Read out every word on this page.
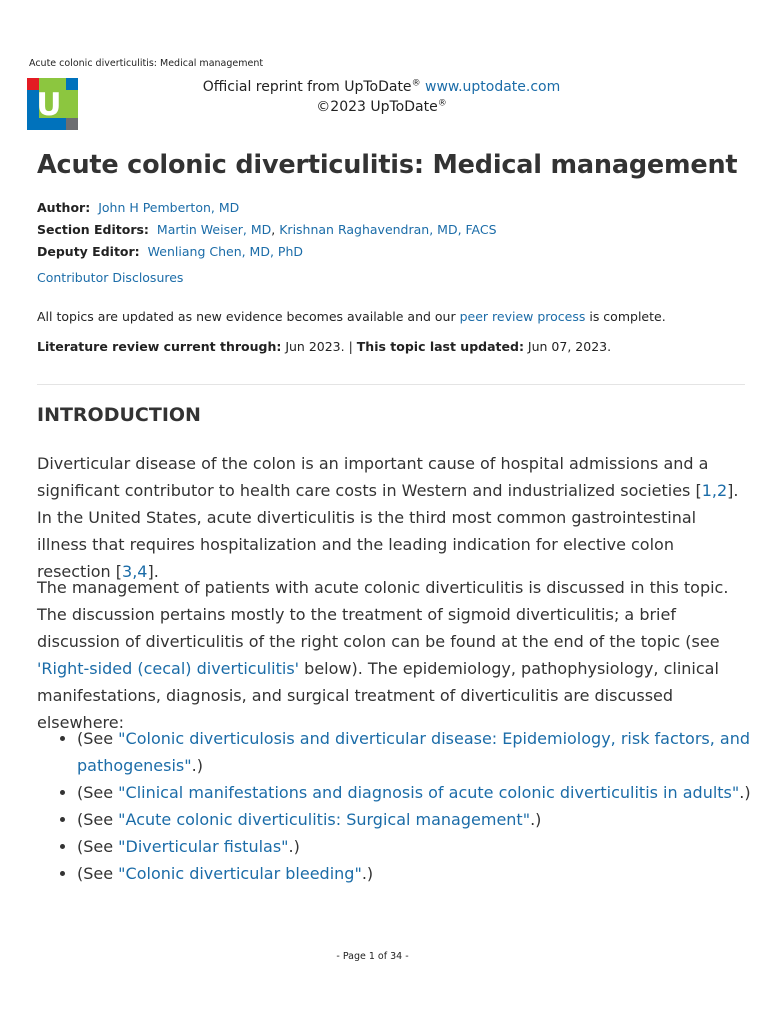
Acute colonic diverticulitis: Medical management
U	Official reprint from UpToDate® www.uptodate.com
©2023 UpToDate®
Acute colonic diverticulitis: Medical management
Author: John H Pemberton, MD
Section Editors: Martin Weiser, MD, Krishnan Raghavendran, MD, FACS
Deputy Editor: Wenliang Chen, MD, PhD
Contributor Disclosures
All topics are updated as new evidence becomes available and our peer review process is complete.
Literature review current through: Jun 2023. | This topic last updated: Jun 07, 2023.
INTRODUCTION

Diverticular disease of the colon is an important cause of hospital admissions and a significant contributor to health care costs in Western and industrialized societies [1,2]. In the United States, acute diverticulitis is the third most common gastrointestinal illness that requires hospitalization and the leading indication for elective colon resection [3,4].

The management of patients with acute colonic diverticulitis is discussed in this topic. The discussion pertains mostly to the treatment of sigmoid diverticulitis; a brief discussion of diverticulitis of the right colon can be found at the end of the topic (see 'Right-sided (cecal) diverticulitis' below). The epidemiology, pathophysiology, clinical manifestations, diagnosis, and surgical treatment of diverticulitis are discussed elsewhere:

• (See "Colonic diverticulosis and diverticular disease: Epidemiology, risk factors, and pathogenesis".)
• (See "Clinical manifestations and diagnosis of acute colonic diverticulitis in adults".)
• (See "Acute colonic diverticulitis: Surgical management".)
• (See "Diverticular fistulas".)
• (See "Colonic diverticular bleeding".)
- Page 1 of 34 -
